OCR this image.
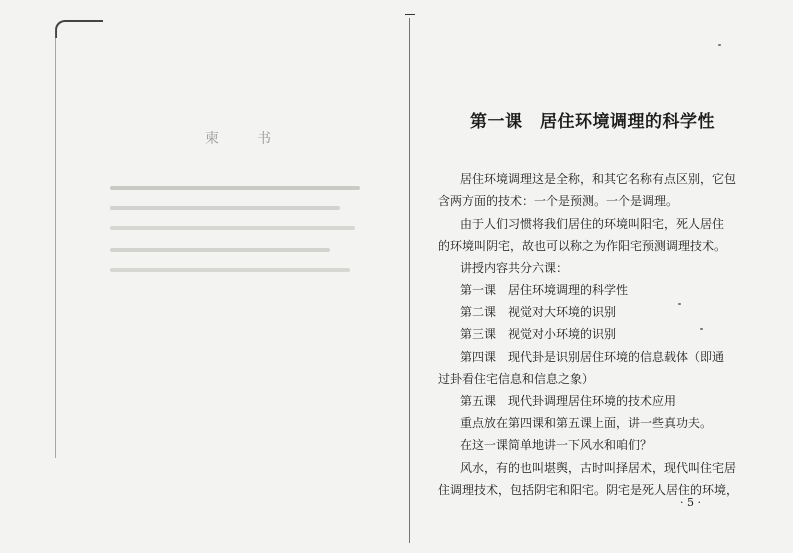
柬　书
第一课　居住环境调理的科学性
居住环境调理这是全称，和其它名称有点区别，它包
含两方面的技术：一个是预测。一个是调理。
由于人们习惯将我们居住的环境叫阳宅，死人居住
的环境叫阴宅，故也可以称之为作阳宅预测调理技术。
讲授内容共分六课：
第一课　居住环境调理的科学性
第二课　视觉对大环境的识别
第三课　视觉对小环境的识别
第四课　现代卦是识别居住环境的信息载体（即通
过卦看住宅信息和信息之象）
第五课　现代卦调理居住环境的技术应用
重点放在第四课和第五课上面，讲一些真功夫。
在这一课简单地讲一下风水和咱们？
风水，有的也叫堪舆，古时叫择居术，现代叫住宅居
住调理技术，包括阴宅和阳宅。阴宅是死人居住的环境，
· 5 ·
